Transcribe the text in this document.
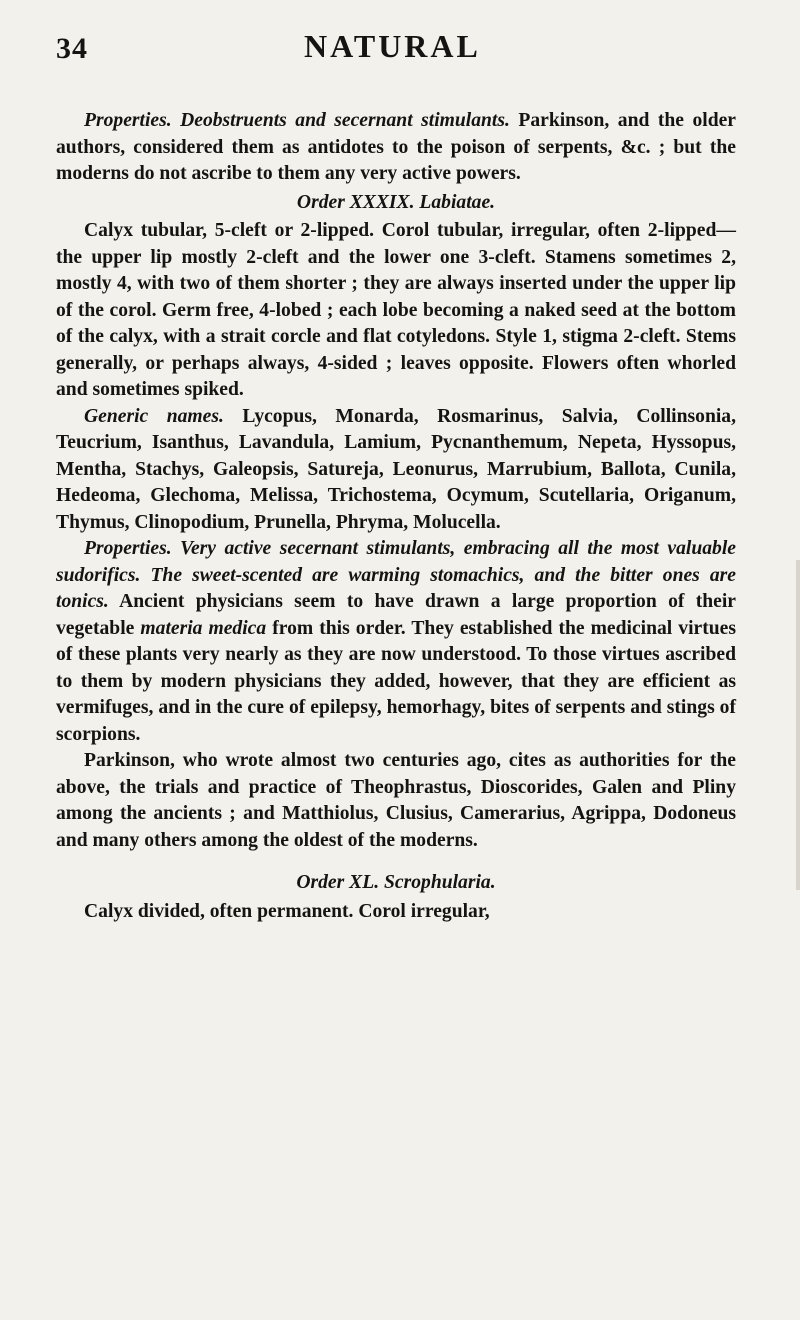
34	NATURAL

Properties. Deobstruents and secernant stimulants. Parkinson, and the older authors, considered them as antidotes to the poison of serpents, &c. ; but the moderns do not ascribe to them any very active powers.

Order XXXIX. Labiatae.

Calyx tubular, 5-cleft or 2-lipped. Corol tubular, irregular, often 2-lipped—the upper lip mostly 2-cleft and the lower one 3-cleft. Stamens sometimes 2, mostly 4, with two of them shorter ; they are always inserted under the upper lip of the corol. Germ free, 4-lobed ; each lobe becoming a naked seed at the bottom of the calyx, with a strait corcle and flat cotyledons. Style 1, stigma 2-cleft. Stems generally, or perhaps always, 4-sided ; leaves opposite. Flowers often whorled and sometimes spiked.

Generic names. Lycopus, Monarda, Rosmarinus, Salvia, Collinsonia, Teucrium, Isanthus, Lavandula, Lamium, Pycnanthemum, Nepeta, Hyssopus, Mentha, Stachys, Galeopsis, Satureja, Leonurus, Marrubium, Ballota, Cunila, Hedeoma, Glechoma, Melissa, Trichostema, Ocymum, Scutellaria, Origanum, Thymus, Clinopodium, Prunella, Phryma, Molucella.

Properties. Very active secernant stimulants, embracing all the most valuable sudorifics. The sweet-scented are warming stomachics, and the bitter ones are tonics. Ancient physicians seem to have drawn a large proportion of their vegetable materia medica from this order. They established the medicinal virtues of these plants very nearly as they are now understood. To those virtues ascribed to them by modern physicians they added, however, that they are efficient as vermifuges, and in the cure of epilepsy, hemorhagy, bites of serpents and stings of scorpions.

Parkinson, who wrote almost two centuries ago, cites as authorities for the above, the trials and practice of Theophrastus, Dioscorides, Galen and Pliny among the ancients ; and Matthiolus, Clusius, Camerarius, Agrippa, Dodoneus and many others among the oldest of the moderns.

Order XL. Scrophularia.

Calyx divided, often permanent. Corol irregular,
